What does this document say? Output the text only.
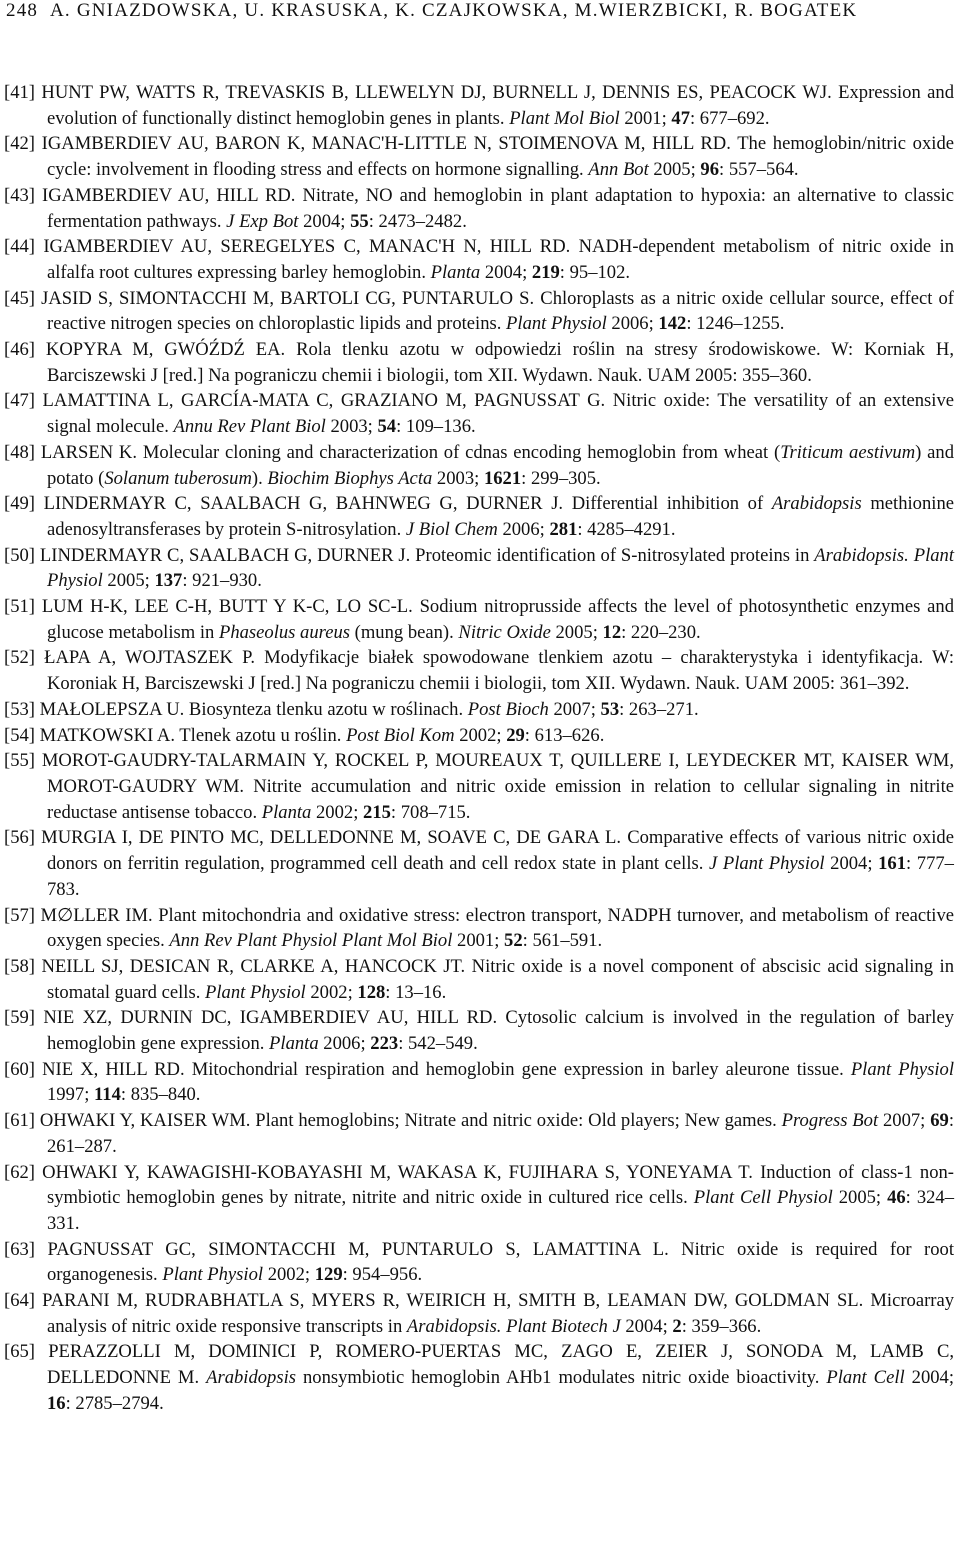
248 A. GNIAZDOWSKA, U. KRASUSKA, K. CZAJKOWSKA, M.WIERZBICKI, R. BOGATEK

[ 41 ] HUNT PW, WATTS R, TREVASKIS B, LLEWELYN DJ, BURNELL J, DENNIS ES, PEACOCK WJ. Expression and evolution of functionally distinct hemoglobin genes in plants. Plant Mol Biol 2001; 47: 677–692.

[ 42 ] IGAMBERDIEV AU, BARON K, MANAC'H-LITTLE N, STOIMENOVA M, HILL RD. The hemoglobin/nitric oxide cycle: involvement in flooding stress and effects on hormone signalling. Ann Bot 2005; 96: 557–564.

[ 43 ] IGAMBERDIEV AU, HILL RD. Nitrate, NO and hemoglobin in plant adaptation to hypoxia: an alternative to classic fermentation pathways. J Exp Bot 2004; 55: 2473–2482.

[ 44 ] IGAMBERDIEV AU, SEREGELYES C, MANAC'H N, HILL RD. NADH-dependent metabolism of nitric oxide in alfalfa root cultures expressing barley hemoglobin. Planta 2004; 219: 95–102.

[ 45 ] JASID S, SIMONTACCHI M, BARTOLI CG, PUNTARULO S. Chloroplasts as a nitric oxide cellular source, effect of reactive nitrogen species on chloroplastic lipids and proteins. Plant Physiol 2006; 142: 1246–1255.

[ 46 ] KOPYRA M, GWÓŹDŹ EA. Rola tlenku azotu w odpowiedzi roślin na stresy środowiskowe. W: Korniak H, Barciszewski J [red.] Na pograniczu chemii i biologii, tom XII. Wydawn. Nauk. UAM 2005: 355–360.

[ 47 ] LAMATTINA L, GARCÍA-MATA C, GRAZIANO M, PAGNUSSAT G. Nitric oxide: The versatility of an extensive signal molecule. Annu Rev Plant Biol 2003; 54: 109–136.

[ 48 ] LARSEN K. Molecular cloning and characterization of cdnas encoding hemoglobin from wheat (Triticum aestivum) and potato (Solanum tuberosum). Biochim Biophys Acta 2003; 1621: 299–305.

[ 49 ] LINDERMAYR C, SAALBACH G, BAHNWEG G, DURNER J. Differential inhibition of Arabidopsis methionine adenosyltransferases by protein S-nitrosylation. J Biol Chem 2006; 281: 4285–4291.

[ 50 ] LINDERMAYR C, SAALBACH G, DURNER J. Proteomic identification of S-nitrosylated proteins in Arabidopsis. Plant Physiol 2005; 137: 921–930.

[ 51 ] LUM H-K, LEE C-H, BUTT Y K-C, LO SC-L. Sodium nitroprusside affects the level of photosynthetic enzymes and glucose metabolism in Phaseolus aureus (mung bean). Nitric Oxide 2005; 12: 220–230.

[ 52 ] ŁAPA A, WOJTASZEK P. Modyfikacje białek spowodowane tlenkiem azotu – charakterystyka i identyfikacja. W: Koroniak H, Barciszewski J [red.] Na pograniczu chemii i biologii, tom XII. Wydawn. Nauk. UAM 2005: 361–392.

[ 53 ] MAŁOLEPSZA U. Biosynteza tlenku azotu w roślinach. Post Bioch 2007; 53: 263–271.

[ 54 ] MATKOWSKI A. Tlenek azotu u roślin. Post Biol Kom 2002; 29: 613–626.

[ 55 ] MOROT-GAUDRY-TALARMAIN Y, ROCKEL P, MOUREAUX T, QUILLERE I, LEYDECKER MT, KAISER WM, MOROT-GAUDRY WM. Nitrite accumulation and nitric oxide emission in relation to cellular signaling in nitrite reductase antisense tobacco. Planta 2002; 215: 708–715.

[ 56 ] MURGIA I, DE PINTO MC, DELLEDONNE M, SOAVE C, DE GARA L. Comparative effects of various nitric oxide donors on ferritin regulation, programmed cell death and cell redox state in plant cells. J Plant Physiol 2004; 161: 777–783.

[ 57 ] M∅LLER IM. Plant mitochondria and oxidative stress: electron transport, NADPH turnover, and metabolism of reactive oxygen species. Ann Rev Plant Physiol Plant Mol Biol 2001; 52: 561–591.

[ 58 ] NEILL SJ, DESICAN R, CLARKE A, HANCOCK JT. Nitric oxide is a novel component of abscisic acid signaling in stomatal guard cells. Plant Physiol 2002; 128: 13–16.

[ 59 ] NIE XZ, DURNIN DC, IGAMBERDIEV AU, HILL RD. Cytosolic calcium is involved in the regulation of barley hemoglobin gene expression. Planta 2006; 223: 542–549.

[ 60 ] NIE X, HILL RD. Mitochondrial respiration and hemoglobin gene expression in barley aleurone tissue. Plant Physiol 1997; 114: 835–840.

[ 61 ] OHWAKI Y, KAISER WM. Plant hemoglobins; Nitrate and nitric oxide: Old players; New games. Progress Bot 2007; 69: 261–287.

[ 62 ] OHWAKI Y, KAWAGISHI-KOBAYASHI M, WAKASA K, FUJIHARA S, YONEYAMA T. Induction of class-1 non-symbiotic hemoglobin genes by nitrate, nitrite and nitric oxide in cultured rice cells. Plant Cell Physiol 2005; 46: 324–331.

[ 63 ] PAGNUSSAT GC, SIMONTACCHI M, PUNTARULO S, LAMATTINA L. Nitric oxide is required for root organogenesis. Plant Physiol 2002; 129: 954–956.

[ 64 ] PARANI M, RUDRABHATLA S, MYERS R, WEIRICH H, SMITH B, LEAMAN DW, GOLDMAN SL. Microarray analysis of nitric oxide responsive transcripts in Arabidopsis. Plant Biotech J 2004; 2: 359–366.

[ 65 ] PERAZZOLLI M, DOMINICI P, ROMERO-PUERTAS MC, ZAGO E, ZEIER J, SONODA M, LAMB C, DELLEDONNE M. Arabidopsis nonsymbiotic hemoglobin AHb1 modulates nitric oxide bioactivity. Plant Cell 2004; 16: 2785–2794.
